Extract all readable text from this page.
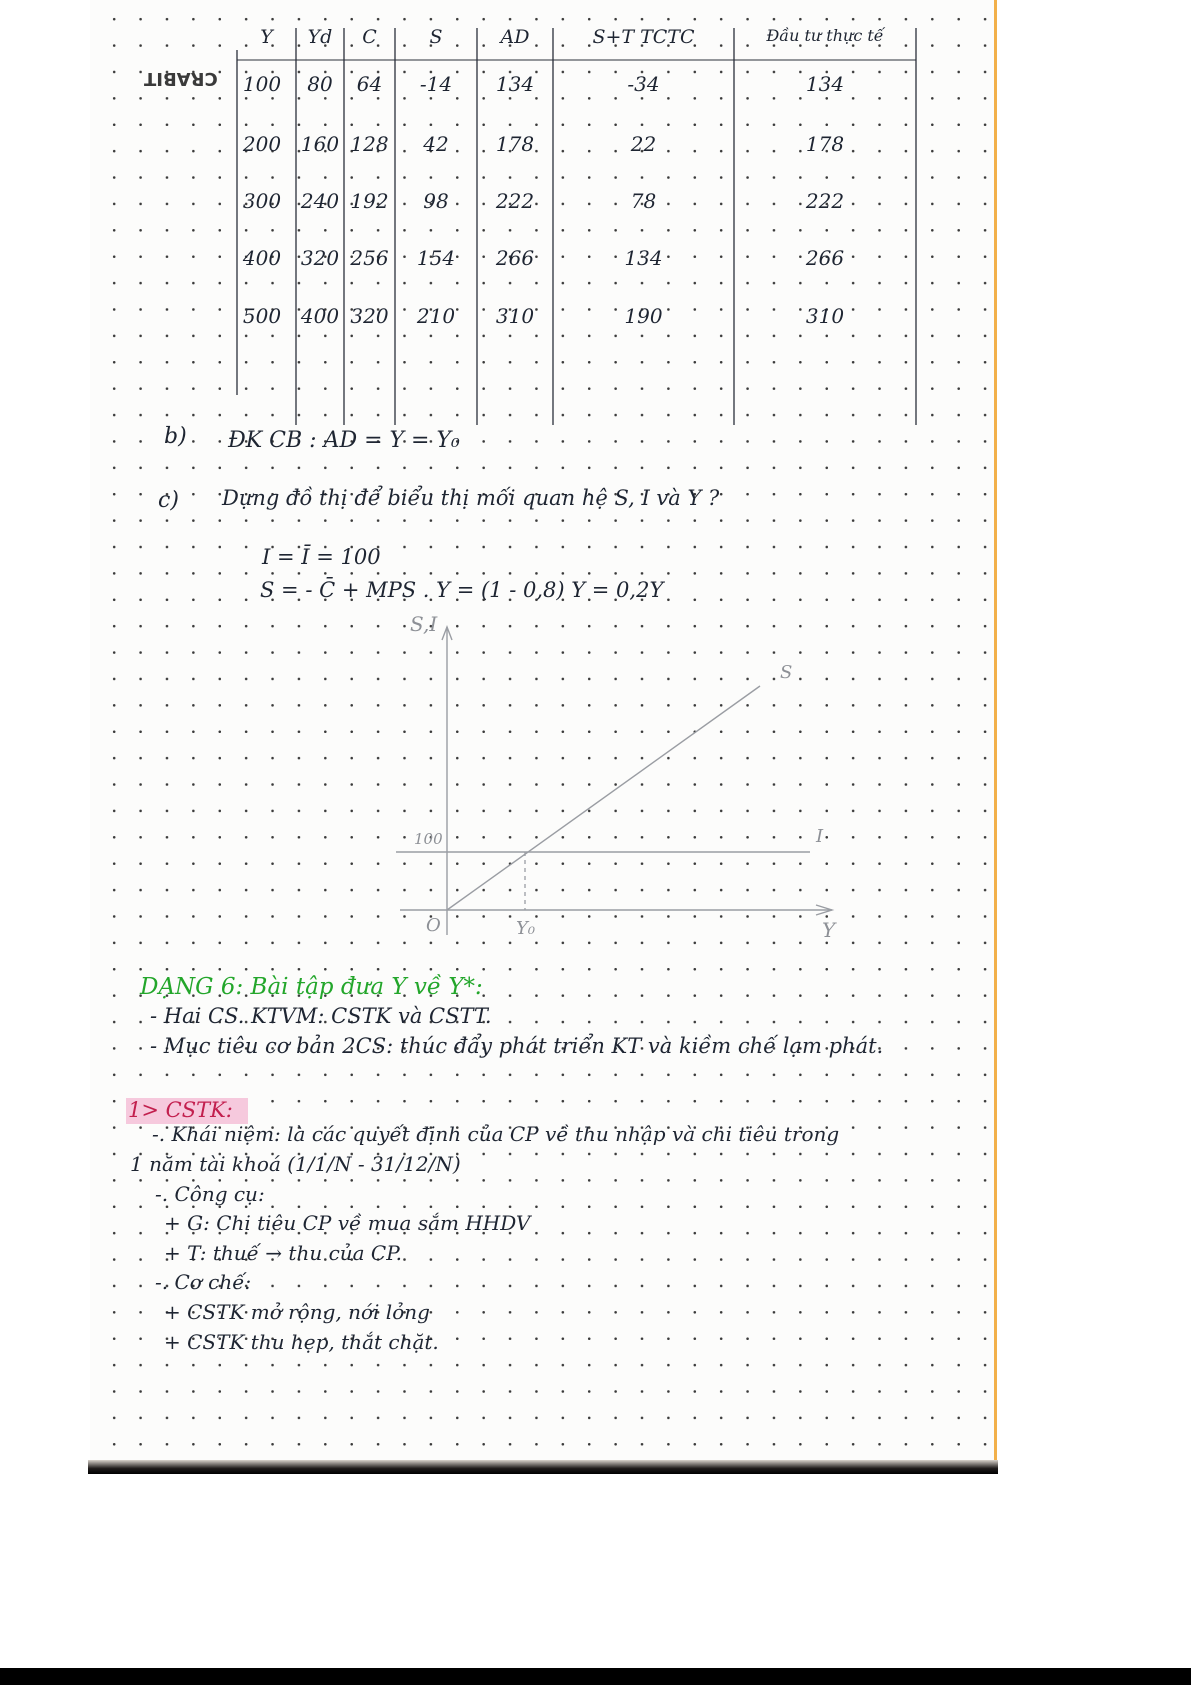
CRABIT
Y	Yd	C	S	AD	S+T TCTC	Đầu tư thực tế
100	80	64	-14	134	-34	134
200 160 128	42	178	22	178
300 240 192	98	222	78	222
400 320 256	154	266	134	266
500 400 320	210	310	190	310
b) ĐK CB : AD = Y = Y₀
c) Dựng đồ thị để biểu thị mối quan hệ S, I và Y ?
I = Ī = 100
S = - C̄ + MPS . Y = (1 - 0,8) Y = 0,2Y
S,I
Y
O
S
I
100
Y₀
DẠNG 6: Bài tập đưa Y về Y*:
- Hai CS. KTVM: CSTK và CSTT.
- Mục tiêu cơ bản 2CS: thúc đẩy phát triển KT và kiềm chế lạm phát.
1> CSTK:
-. Khái niệm: là các quyết định của CP về thu nhập và chi tiêu trong
1 năm tài khoá (1/1/N - 31/12/N)
-. Công cụ:
+ G: Chi tiêu CP về mua sắm HHDV
+ T: thuế → thu của CP.
-. Cơ chế:
+ CSTK mở rộng, nới lỏng
+ CSTK thu hẹp, thắt chặt.
